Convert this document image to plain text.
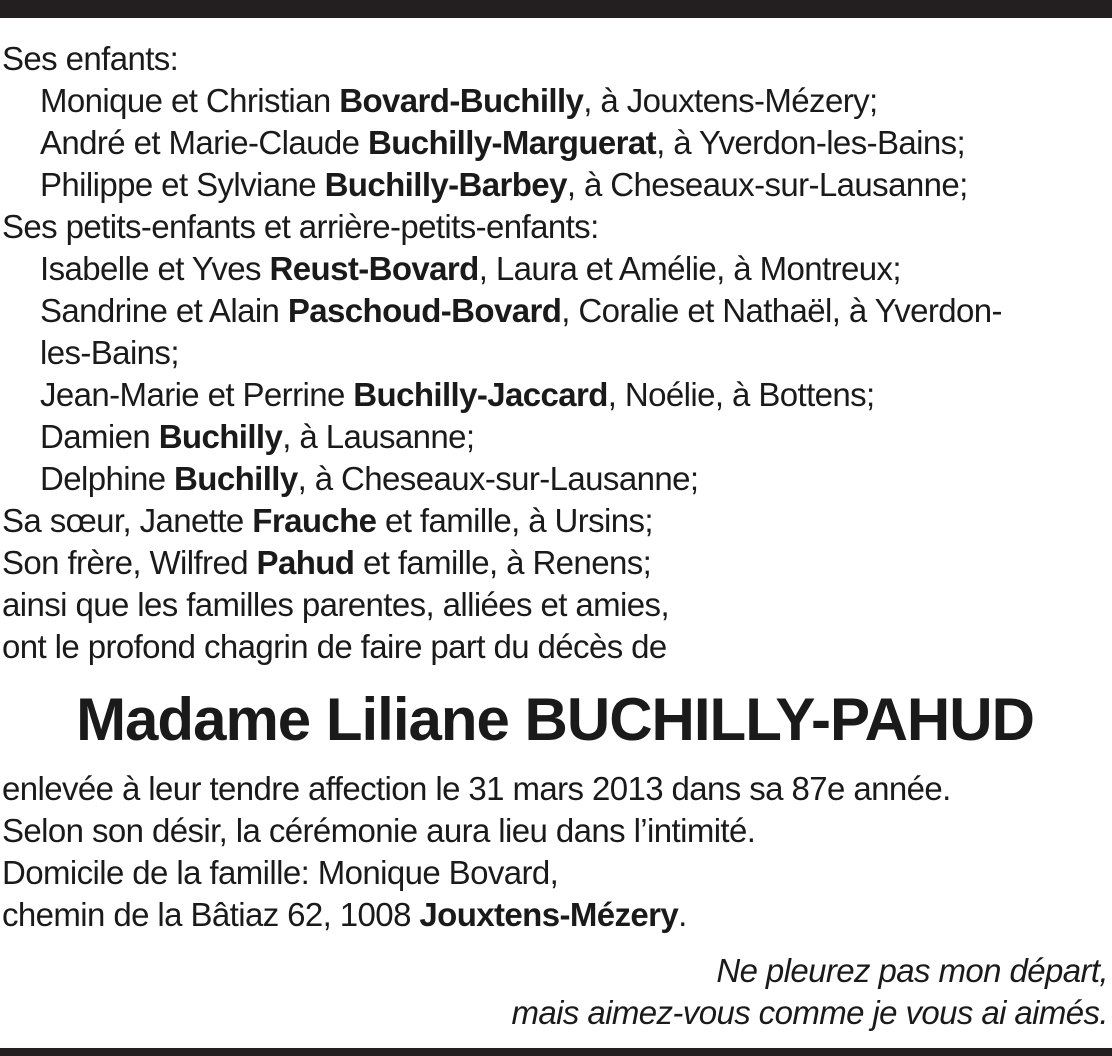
Ses enfants:
Monique et Christian Bovard-Buchilly, à Jouxtens-Mézery;
André et Marie-Claude Buchilly-Marguerat, à Yverdon-les-Bains;
Philippe et Sylviane Buchilly-Barbey, à Cheseaux-sur-Lausanne;
Ses petits-enfants et arrière-petits-enfants:
Isabelle et Yves Reust-Bovard, Laura et Amélie, à Montreux;
Sandrine et Alain Paschoud-Bovard, Coralie et Nathaël, à Yverdon-
les-Bains;
Jean-Marie et Perrine Buchilly-Jaccard, Noélie, à Bottens;
Damien Buchilly, à Lausanne;
Delphine Buchilly, à Cheseaux-sur-Lausanne;
Sa sœur, Janette Frauche et famille, à Ursins;
Son frère, Wilfred Pahud et famille, à Renens;
ainsi que les familles parentes, alliées et amies,
ont le profond chagrin de faire part du décès de
Madame Liliane BUCHILLY-PAHUD
enlevée à leur tendre affection le 31 mars 2013 dans sa 87e année.
Selon son désir, la cérémonie aura lieu dans l’intimité.
Domicile de la famille: Monique Bovard,
chemin de la Bâtiaz 62, 1008 Jouxtens-Mézery.
Ne pleurez pas mon départ,
mais aimez-vous comme je vous ai aimés.
